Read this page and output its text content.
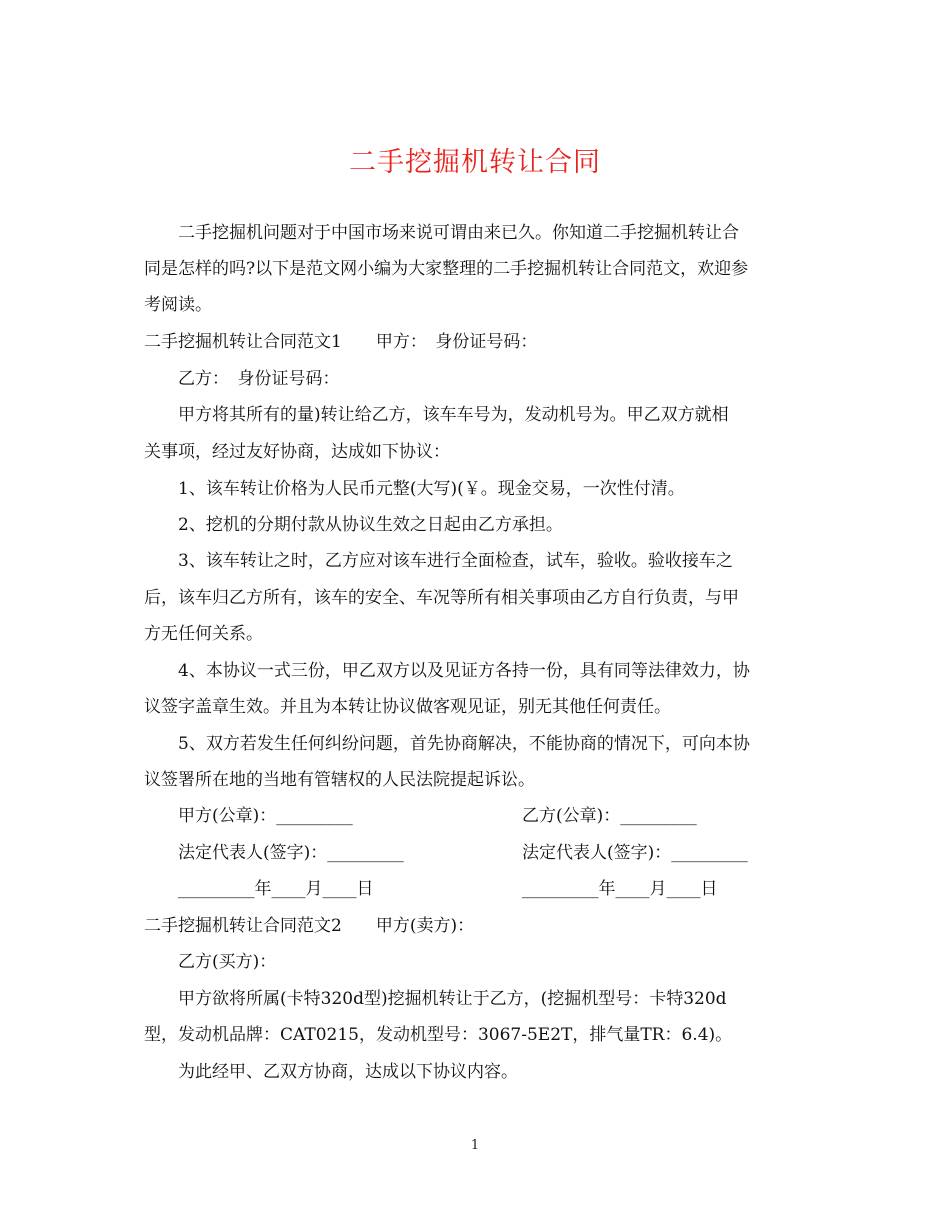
二手挖掘机转让合同
二手挖掘机问题对于中国市场来说可谓由来已久。你知道二手挖掘机转让合
同是怎样的吗?以下是范文网小编为大家整理的二手挖掘机转让合同范文，欢迎参
考阅读。
二手挖掘机转让合同范文1　　甲方：　身份证号码：
乙方：　身份证号码：
甲方将其所有的量)转让给乙方，该车车号为，发动机号为。甲乙双方就相
关事项，经过友好协商，达成如下协议：
1、该车转让价格为人民币元整(大写)(￥。现金交易，一次性付清。
2、挖机的分期付款从协议生效之日起由乙方承担。
3、该车转让之时，乙方应对该车进行全面检查，试车，验收。验收接车之
后，该车归乙方所有，该车的安全、车况等所有相关事项由乙方自行负责，与甲
方无任何关系。
4、本协议一式三份，甲乙双方以及见证方各持一份，具有同等法律效力，协
议签字盖章生效。并且为本转让协议做客观见证，别无其他任何责任。
5、双方若发生任何纠纷问题，首先协商解决，不能协商的情况下，可向本协
议签署所在地的当地有管辖权的人民法院提起诉讼。
甲方(公章)：_________	乙方(公章)：_________
法定代表人(签字)：_________	法定代表人(签字)：_________
_________年____月____日	_________年____月____日
二手挖掘机转让合同范文2　　甲方(卖方)：
乙方(买方)：
甲方欲将所属(卡特320d型)挖掘机转让于乙方，(挖掘机型号：卡特320d
型，发动机品牌：CAT0215，发动机型号：3067-5E2T，排气量TR：6.4)。
为此经甲、乙双方协商，达成以下协议内容。
1
